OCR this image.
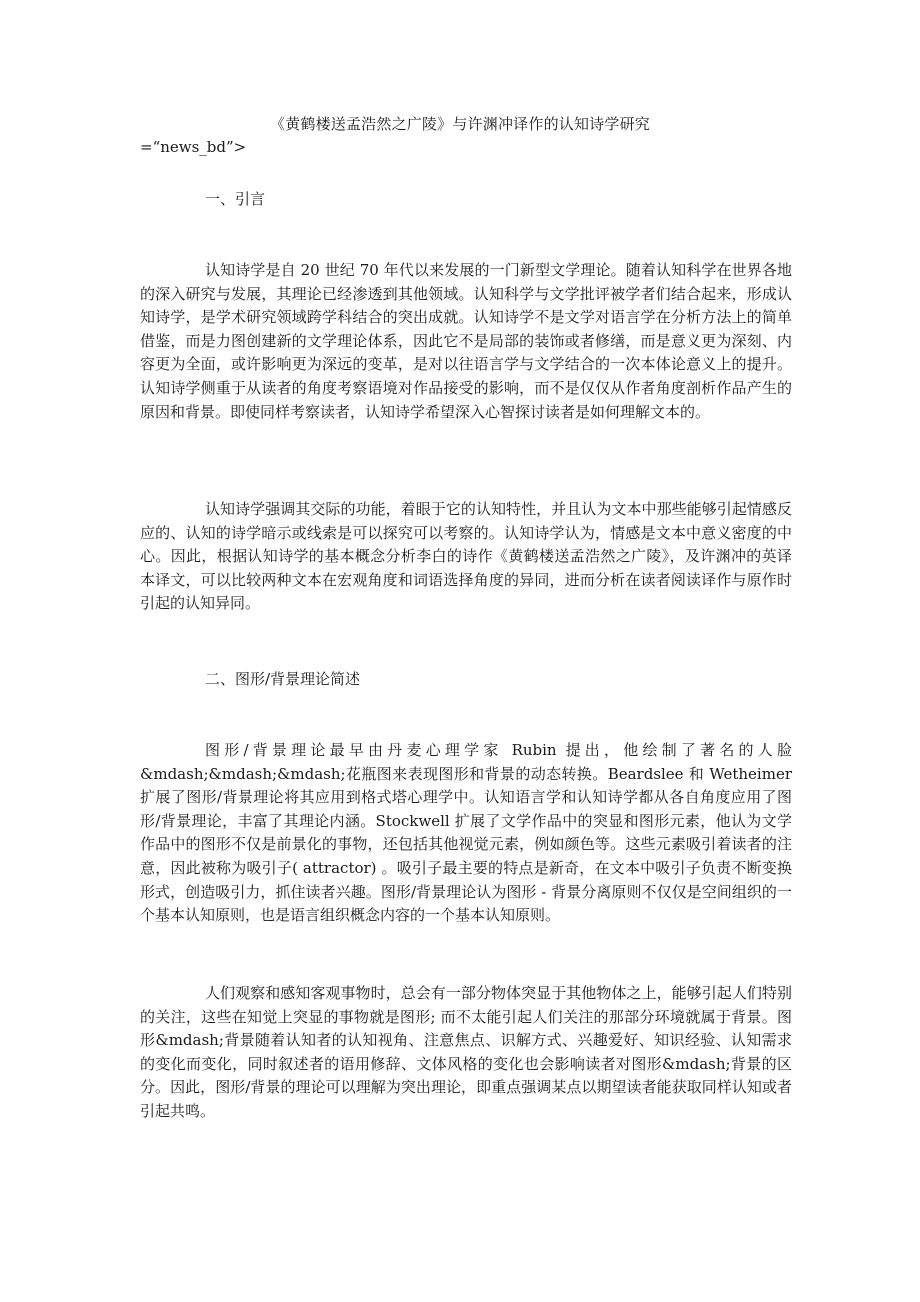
《黄鹤楼送孟浩然之广陵》与许渊冲译作的认知诗学研究
=“news_bd”>
一、引言

认知诗学是自 20 世纪 70 年代以来发展的一门新型文学理论。随着认知科学在世界各地的深入研究与发展，其理论已经渗透到其他领域。认知科学与文学批评被学者们结合起来，形成认知诗学，是学术研究领域跨学科结合的突出成就。认知诗学不是文学对语言学在分析方法上的简单借鉴，而是力图创建新的文学理论体系，因此它不是局部的装饰或者修缮，而是意义更为深刻、内容更为全面，或许影响更为深远的变革，是对以往语言学与文学结合的一次本体论意义上的提升。认知诗学侧重于从读者的角度考察语境对作品接受的影响，而不是仅仅从作者角度剖析作品产生的原因和背景。即使同样考察读者，认知诗学希望深入心智探讨读者是如何理解文本的。

认知诗学强调其交际的功能，着眼于它的认知特性，并且认为文本中那些能够引起情感反应的、认知的诗学暗示或线索是可以探究可以考察的。认知诗学认为，情感是文本中意义密度的中心。因此，根据认知诗学的基本概念分析李白的诗作《黄鹤楼送孟浩然之广陵》，及许渊冲的英译本译文，可以比较两种文本在宏观角度和词语选择角度的异同，进而分析在读者阅读译作与原作时引起的认知异同。

二、图形/背景理论简述

图形/背景理论最早由丹麦心理学家 Rubin 提出，他绘制了著名的人脸&mdash;&mdash;&mdash;花瓶图来表现图形和背景的动态转换。Beardslee 和 Wetheimer 扩展了图形/背景理论将其应用到格式塔心理学中。认知语言学和认知诗学都从各自角度应用了图形/背景理论，丰富了其理论内涵。Stockwell 扩展了文学作品中的突显和图形元素，他认为文学作品中的图形不仅是前景化的事物，还包括其他视觉元素，例如颜色等。这些元素吸引着读者的注意，因此被称为吸引子( attractor) 。吸引子最主要的特点是新奇，在文本中吸引子负责不断变换形式，创造吸引力，抓住读者兴趣。图形/背景理论认为图形 - 背景分离原则不仅仅是空间组织的一个基本认知原则，也是语言组织概念内容的一个基本认知原则。

人们观察和感知客观事物时，总会有一部分物体突显于其他物体之上，能够引起人们特别的关注，这些在知觉上突显的事物就是图形; 而不太能引起人们关注的那部分环境就属于背景。图形&mdash;背景随着认知者的认知视角、注意焦点、识解方式、兴趣爱好、知识经验、认知需求的变化而变化，同时叙述者的语用修辞、文体风格的变化也会影响读者对图形&mdash;背景的区分。因此，图形/背景的理论可以理解为突出理论，即重点强调某点以期望读者能获取同样认知或者引起共鸣。
